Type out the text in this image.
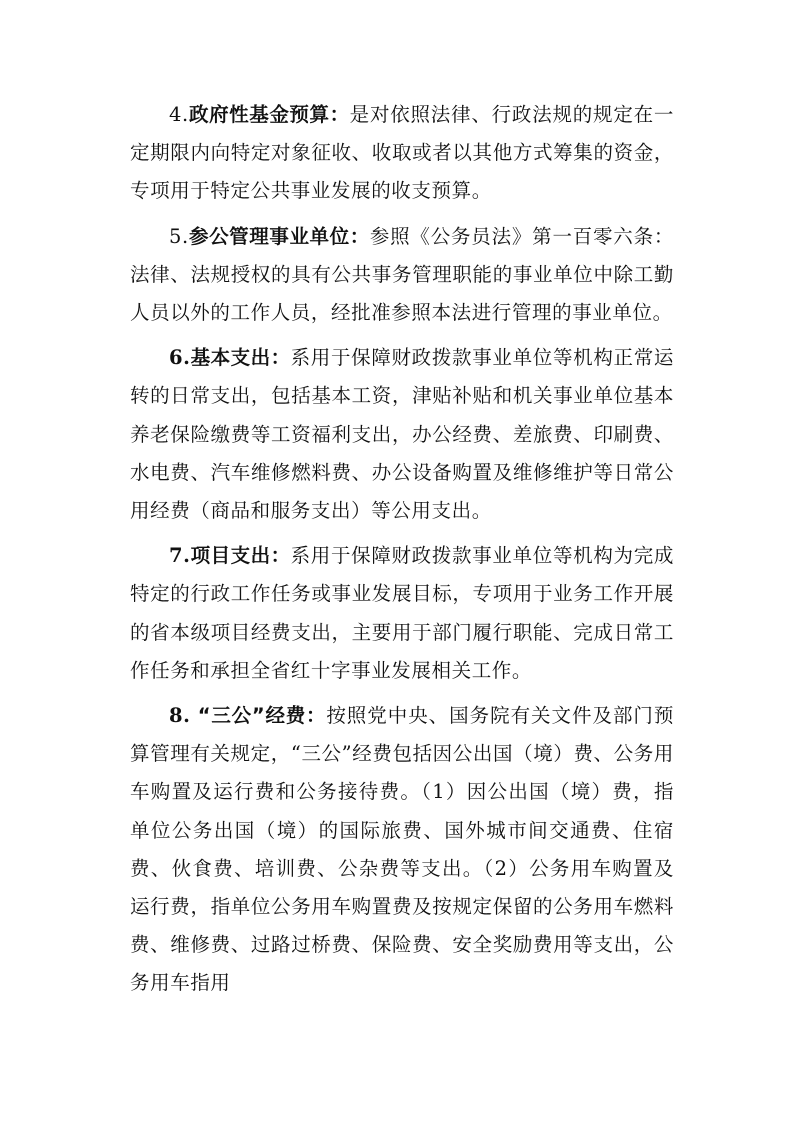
4.政府性基金预算：是对依照法律、行政法规的规定在一定期限内向特定对象征收、收取或者以其他方式筹集的资金，专项用于特定公共事业发展的收支预算。

5.参公管理事业单位：参照《公务员法》第一百零六条：法律、法规授权的具有公共事务管理职能的事业单位中除工勤人员以外的工作人员，经批准参照本法进行管理的事业单位。

6.基本支出：系用于保障财政拨款事业单位等机构正常运转的日常支出，包括基本工资，津贴补贴和机关事业单位基本养老保险缴费等工资福利支出，办公经费、差旅费、印刷费、水电费、汽车维修燃料费、办公设备购置及维修维护等日常公用经费（商品和服务支出）等公用支出。

7.项目支出：系用于保障财政拨款事业单位等机构为完成特定的行政工作任务或事业发展目标，专项用于业务工作开展的省本级项目经费支出，主要用于部门履行职能、完成日常工作任务和承担全省红十字事业发展相关工作。

8. “三公”经费：按照党中央、国务院有关文件及部门预算管理有关规定，“三公”经费包括因公出国（境）费、公务用车购置及运行费和公务接待费。（1）因公出国（境）费，指单位公务出国（境）的国际旅费、国外城市间交通费、住宿费、伙食费、培训费、公杂费等支出。（2）公务用车购置及运行费，指单位公务用车购置费及按规定保留的公务用车燃料费、维修费、过路过桥费、保险费、安全奖励费用等支出，公务用车指用
